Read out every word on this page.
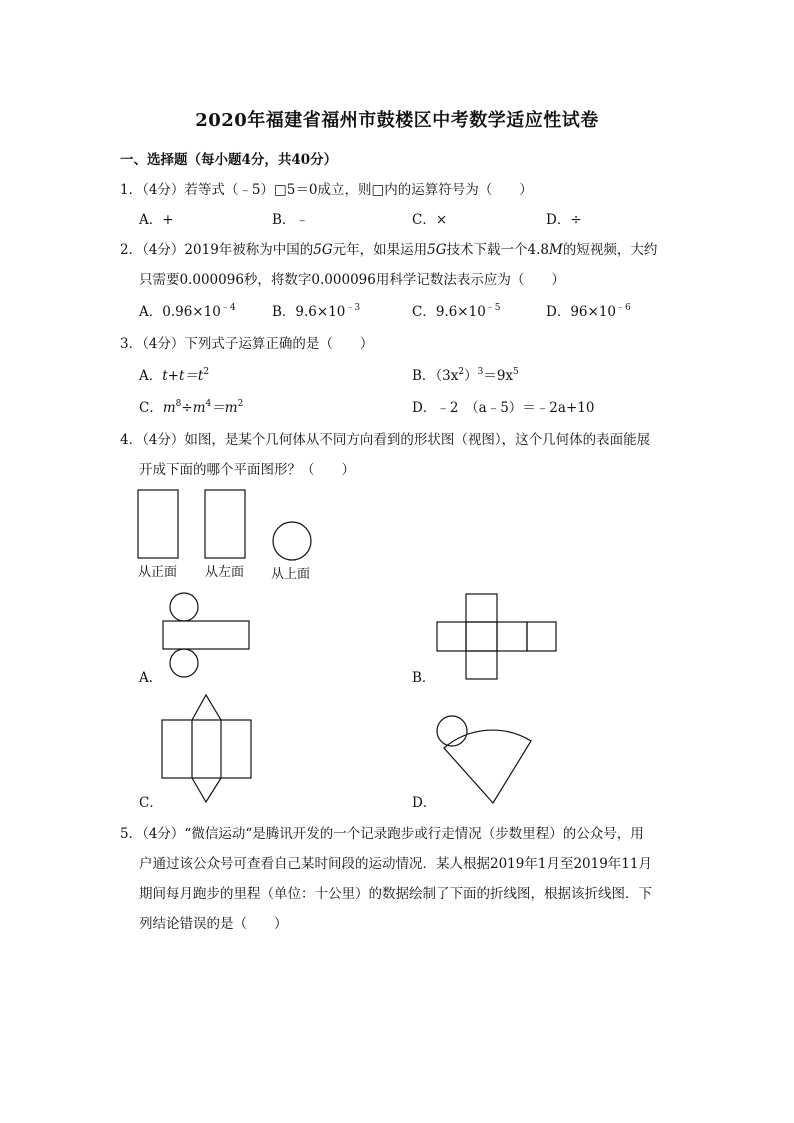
2020年福建省福州市鼓楼区中考数学适应性试卷
一、选择题（每小题4分，共40分）
1．（4分）若等式（﹣5）□5＝0成立，则□内的运算符号为（　　）
A．+	B．﹣	C．×	D．÷
2．（4分）2019年被称为中国的5G元年，如果运用5G技术下载一个4.8M的短视频，大约
只需要0.000096秒，将数字0.000096用科学记数法表示应为（　　）
A．$0.96\times 10^{﹣4}$	B．$9.6\times 10^{﹣3}$	C．$9.6\times 10^{﹣5}$	D．$96\times 10^{﹣6}$
3．（4分）下列式子运算正确的是（　　）
A．$t+t=t^2$	B．$(3x^2)^3=9x^5$
C．$m^8\div m^4=m^2$	D．﹣2　（a﹣5）＝﹣2a+10
4．（4分）如图，是某个几何体从不同方向看到的形状图（视图），这个几何体的表面能展
开成下面的哪个平面图形？（　　）
从正面 从左面 从上面
A．	B．
C．	D．
5．（4分）“微信运动“是腾讯开发的一个记录跑步或行走情况（步数里程）的公众号，用
户通过该公众号可查看自己某时间段的运动情况．某人根据2019年1月至2019年11月
期间每月跑步的里程（单位：十公里）的数据绘制了下面的折线图，根据该折线图．下
列结论错误的是（　　）
